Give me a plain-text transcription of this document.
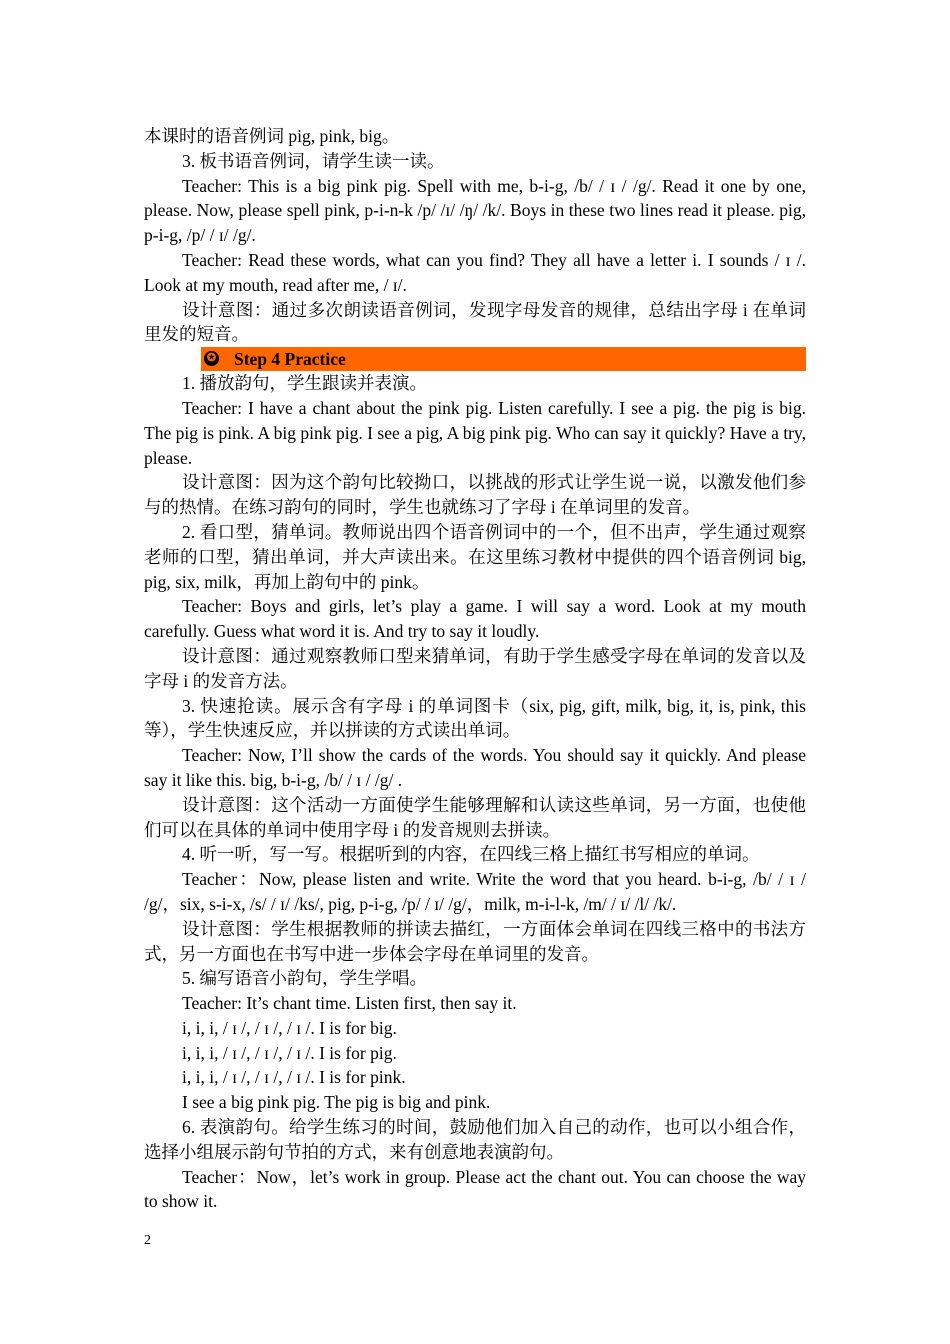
本课时的语音例词 pig, pink, big。

3. 板书语音例词，请学生读一读。

Teacher: This is a big pink pig. Spell with me, b-i-g, /b/ / ɪ / /g/. Read it one by one, please. Now, please spell pink, p-i-n-k /p/ /ɪ/ /ŋ/ /k/. Boys in these two lines read it please. pig, p-i-g, /p/ / ɪ/ /g/.

Teacher: Read these words, what can you find? They all have a letter i. I sounds / ɪ /. Look at my mouth, read after me, / ɪ/.

设计意图：通过多次朗读语音例词，发现字母发音的规律，总结出字母 i 在单词里发的短音。

✪ Step 4 Practice

1. 播放韵句，学生跟读并表演。

Teacher: I have a chant about the pink pig. Listen carefully. I see a pig. the pig is big. The pig is pink. A big pink pig. I see a pig, A big pink pig. Who can say it quickly? Have a try, please.

设计意图：因为这个韵句比较拗口，以挑战的形式让学生说一说，以激发他们参与的热情。在练习韵句的同时，学生也就练习了字母 i 在单词里的发音。

2. 看口型，猜单词。教师说出四个语音例词中的一个，但不出声，学生通过观察老师的口型，猜出单词，并大声读出来。在这里练习教材中提供的四个语音例词 big, pig, six, milk，再加上韵句中的 pink。

Teacher: Boys and girls, let’s play a game. I will say a word. Look at my mouth carefully. Guess what word it is. And try to say it loudly.

设计意图：通过观察教师口型来猜单词，有助于学生感受字母在单词的发音以及字母 i 的发音方法。

3. 快速抢读。展示含有字母 i 的单词图卡（six, pig, gift, milk, big, it, is, pink, this 等），学生快速反应，并以拼读的方式读出单词。

Teacher: Now, I’ll show the cards of the words. You should say it quickly. And please say it like this. big, b-i-g, /b/ / ɪ / /g/ .

设计意图：这个活动一方面使学生能够理解和认读这些单词，另一方面，也使他们可以在具体的单词中使用字母 i 的发音规则去拼读。

4. 听一听，写一写。根据听到的内容，在四线三格上描红书写相应的单词。

Teacher：Now, please listen and write. Write the word that you heard. b-i-g, /b/ / ɪ / /g/，six, s-i-x, /s/ / ɪ/ /ks/, pig, p-i-g, /p/ / ɪ/ /g/，milk, m-i-l-k, /m/ / ɪ/ /l/ /k/.

设计意图：学生根据教师的拼读去描红，一方面体会单词在四线三格中的书法方式，另一方面也在书写中进一步体会字母在单词里的发音。

5. 编写语音小韵句，学生学唱。

Teacher: It’s chant time. Listen first, then say it.

i, i, i, / ɪ /, / ɪ /, / ɪ /. I is for big.

i, i, i, / ɪ /, / ɪ /, / ɪ /. I is for pig.

i, i, i, / ɪ /, / ɪ /, / ɪ /. I is for pink.

I see a big pink pig. The pig is big and pink.

6. 表演韵句。给学生练习的时间，鼓励他们加入自己的动作，也可以小组合作，选择小组展示韵句节拍的方式，来有创意地表演韵句。

Teacher：Now，let’s work in group. Please act the chant out. You can choose the way to show it.

2
